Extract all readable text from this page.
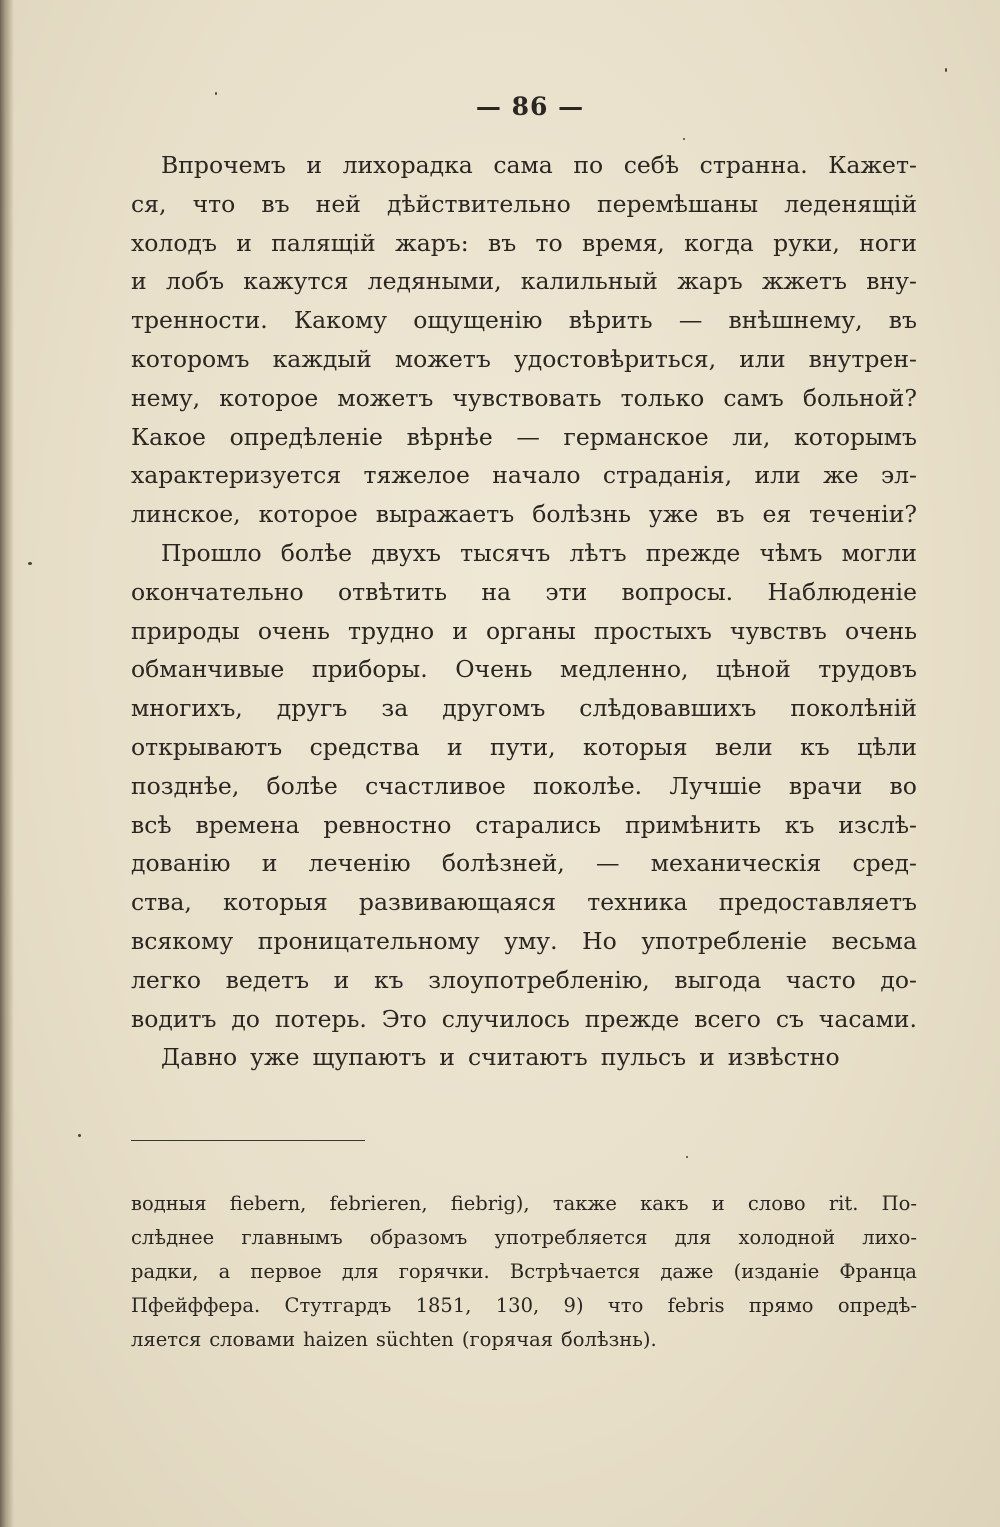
— 86 —
Впрочемъ и лихорадка сама по себѣ странна. Кажет-
ся, что въ ней дѣйствительно перемѣшаны леденящій
холодъ и палящій жаръ: въ то время, когда руки, ноги
и лобъ кажутся ледяными, калильный жаръ жжетъ вну-
тренности. Какому ощущенію вѣрить — внѣшнему, въ
которомъ каждый можетъ удостовѣриться, или внутрен-
нему, которое можетъ чувствовать только самъ больной?
Какое опредѣленіе вѣрнѣе — германское ли, которымъ
характеризуется тяжелое начало страданія, или же эл-
линское, которое выражаетъ болѣзнь уже въ ея теченіи?
Прошло болѣе двухъ тысячъ лѣтъ прежде чѣмъ могли
окончательно отвѣтить на эти вопросы. Наблюденіе
природы очень трудно и органы простыхъ чувствъ очень
обманчивые приборы. Очень медленно, цѣной трудовъ
многихъ, другъ за другомъ слѣдовавшихъ поколѣній
открываютъ средства и пути, которыя вели къ цѣли
позднѣе, болѣе счастливое поколѣе. Лучшіе врачи во
всѣ времена ревностно старались примѣнить къ изслѣ-
дованію и леченію болѣзней, — механическія сред-
ства, которыя развивающаяся техника предоставляетъ
всякому проницательному уму. Но употребленіе весьма
легко ведетъ и къ злоупотребленію, выгода часто до-
водитъ до потерь. Это случилось прежде всего съ часами.
Давно уже щупаютъ и считаютъ пульсъ и извѣстно
водныя fiebern, febrieren, fiebrig), также какъ и слово rit. По-
слѣднее главнымъ образомъ употребляется для холодной лихо-
радки, а первое для горячки. Встрѣчается даже (изданіе Франца
Пфейффера. Стутгардъ 1851, 130, 9) что febris прямо опредѣ-
ляется словами haizen süchten (горячая болѣзнь).
